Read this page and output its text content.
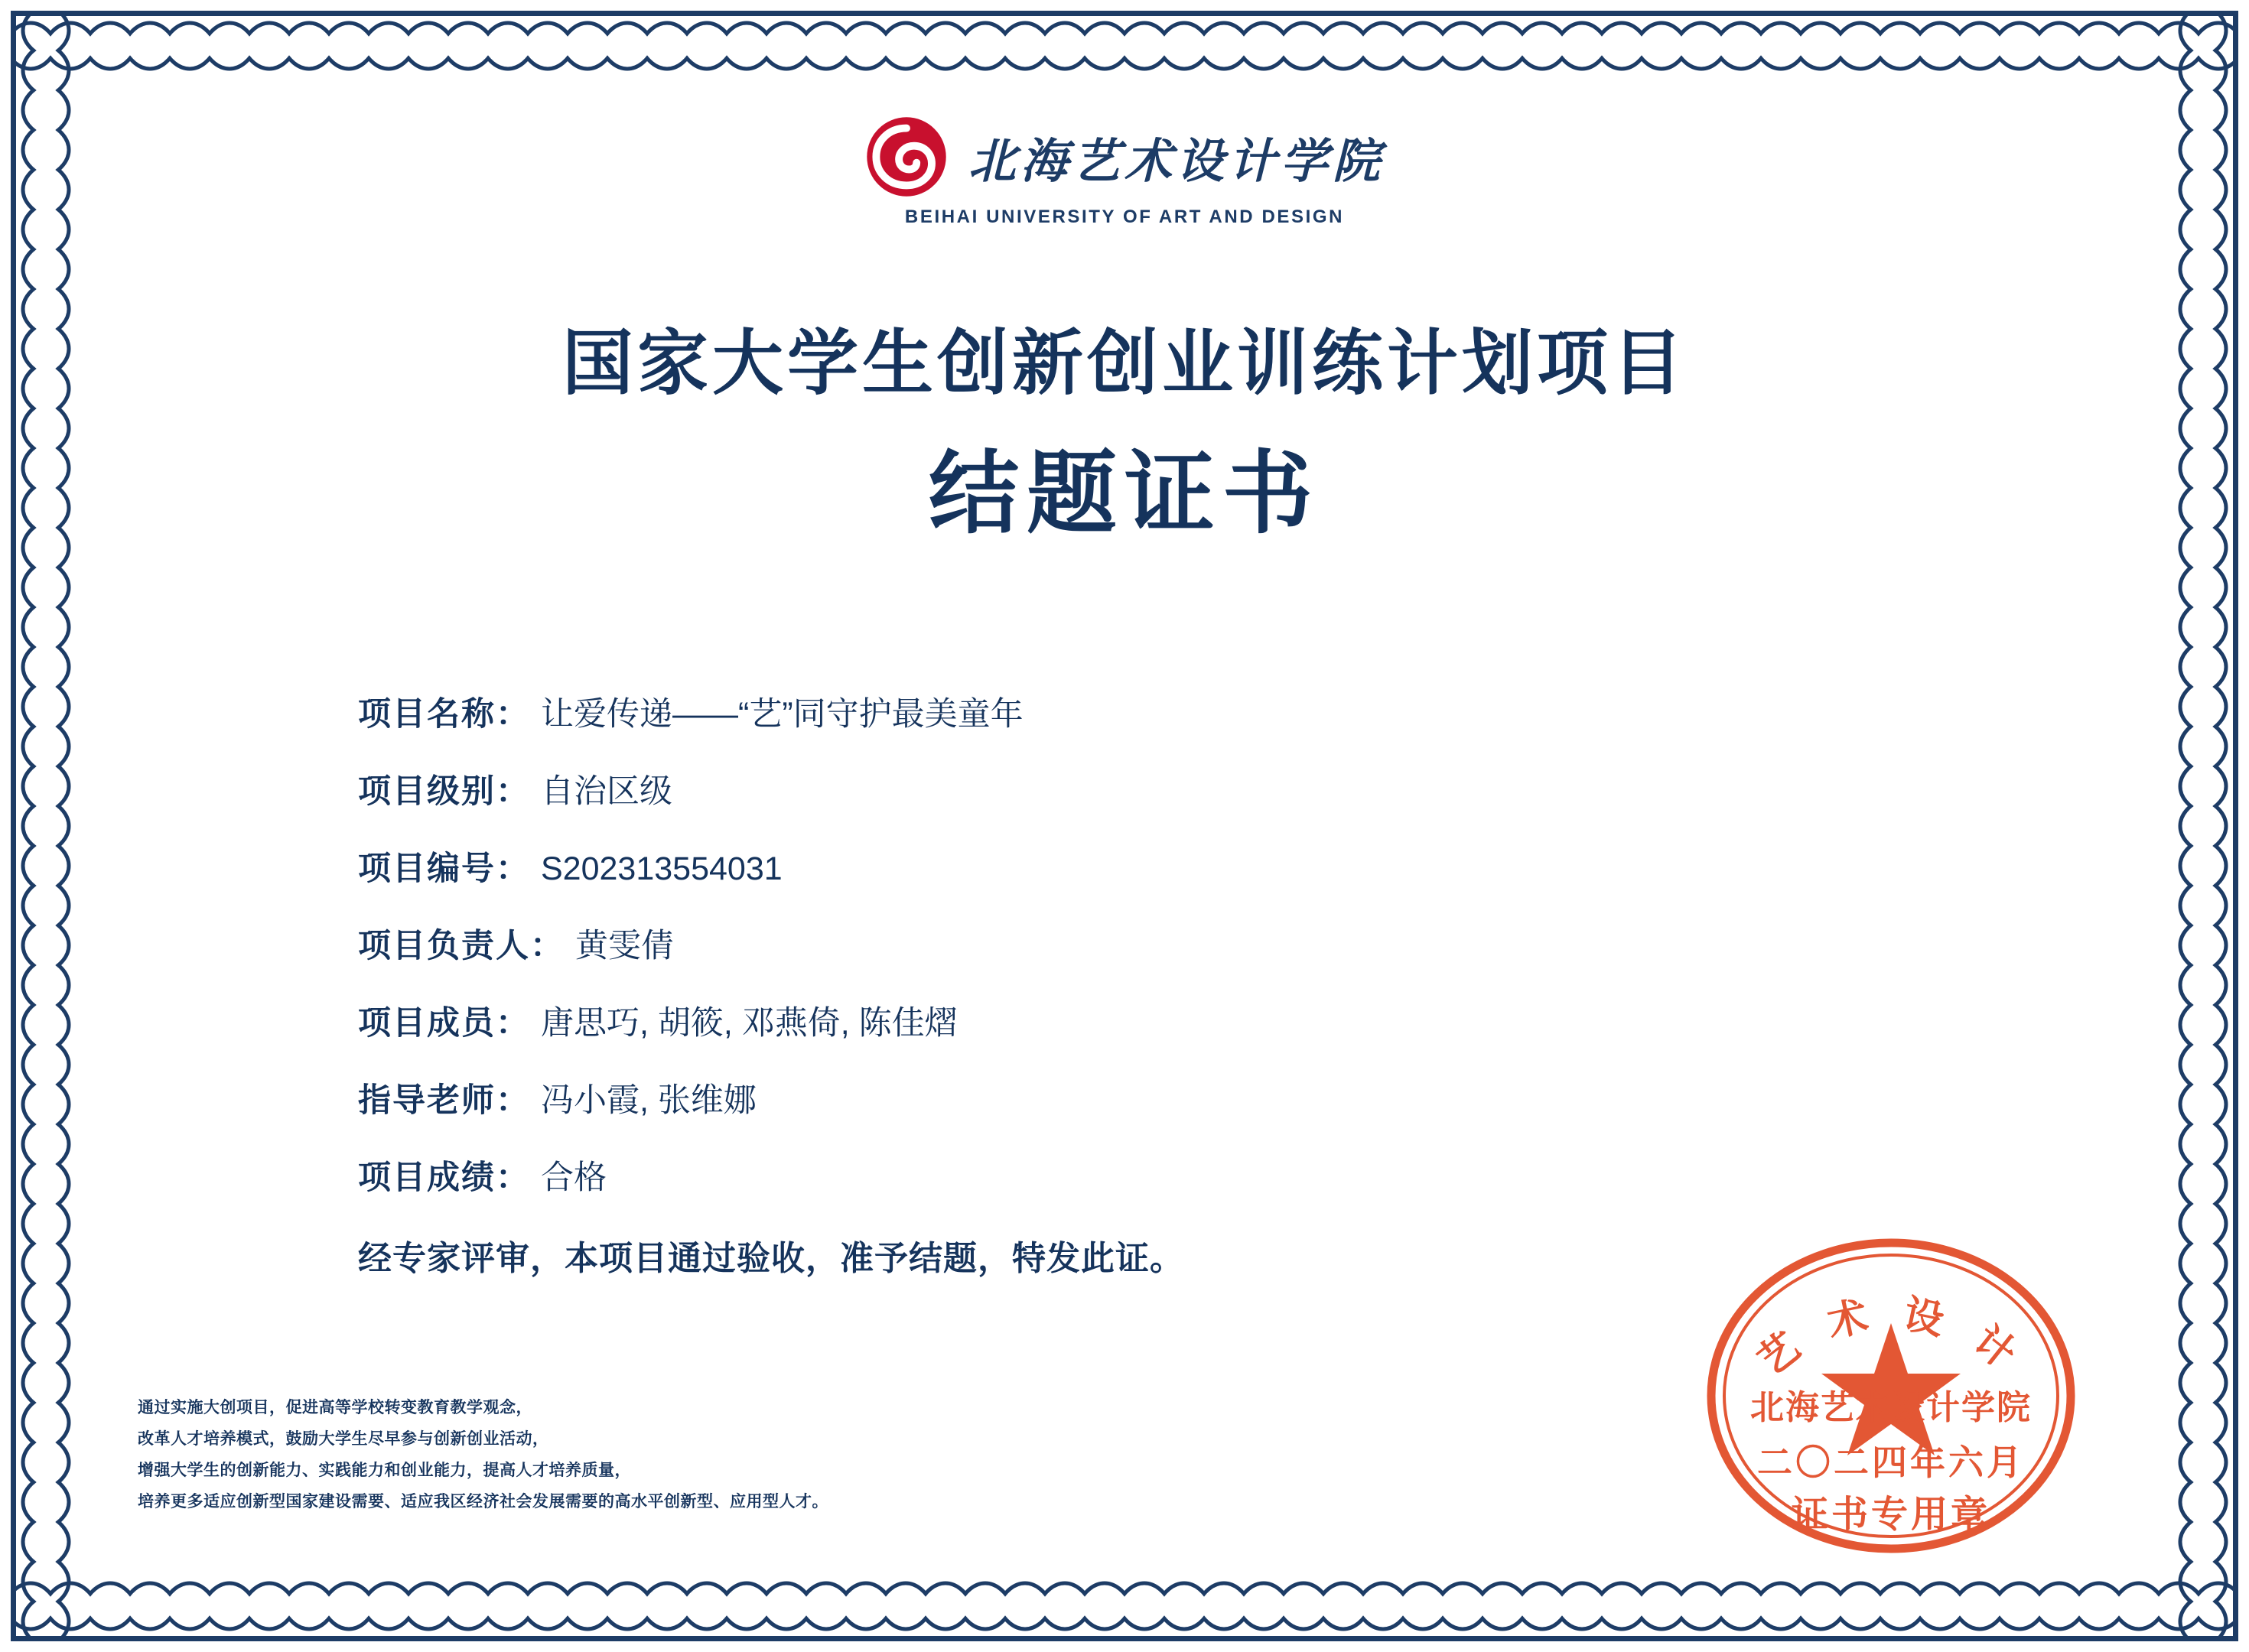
北海艺术设计学院
BEIHAI UNIVERSITY OF ART AND DESIGN
国家大学生创新创业训练计划项目
结题证书
项目名称： 让爱传递——“艺”同守护最美童年
项目级别： 自治区级
项目编号： S202313554031
项目负责人： 黄雯倩
项目成员： 唐思巧, 胡筱, 邓燕倚, 陈佳熠
指导老师： 冯小霞, 张维娜
项目成绩： 合格
经专家评审，本项目通过验收，准予结题，特发此证。
通过实施大创项目，促进高等学校转变教育教学观念，
改革人才培养模式，鼓励大学生尽早参与创新创业活动，
增强大学生的创新能力、实践能力和创业能力，提高人才培养质量，
培养更多适应创新型国家建设需要、适应我区经济社会发展需要的高水平创新型、应用型人才。
艺 术 设 计
北海艺术设计学院
二〇二四年六月
证书专用章
